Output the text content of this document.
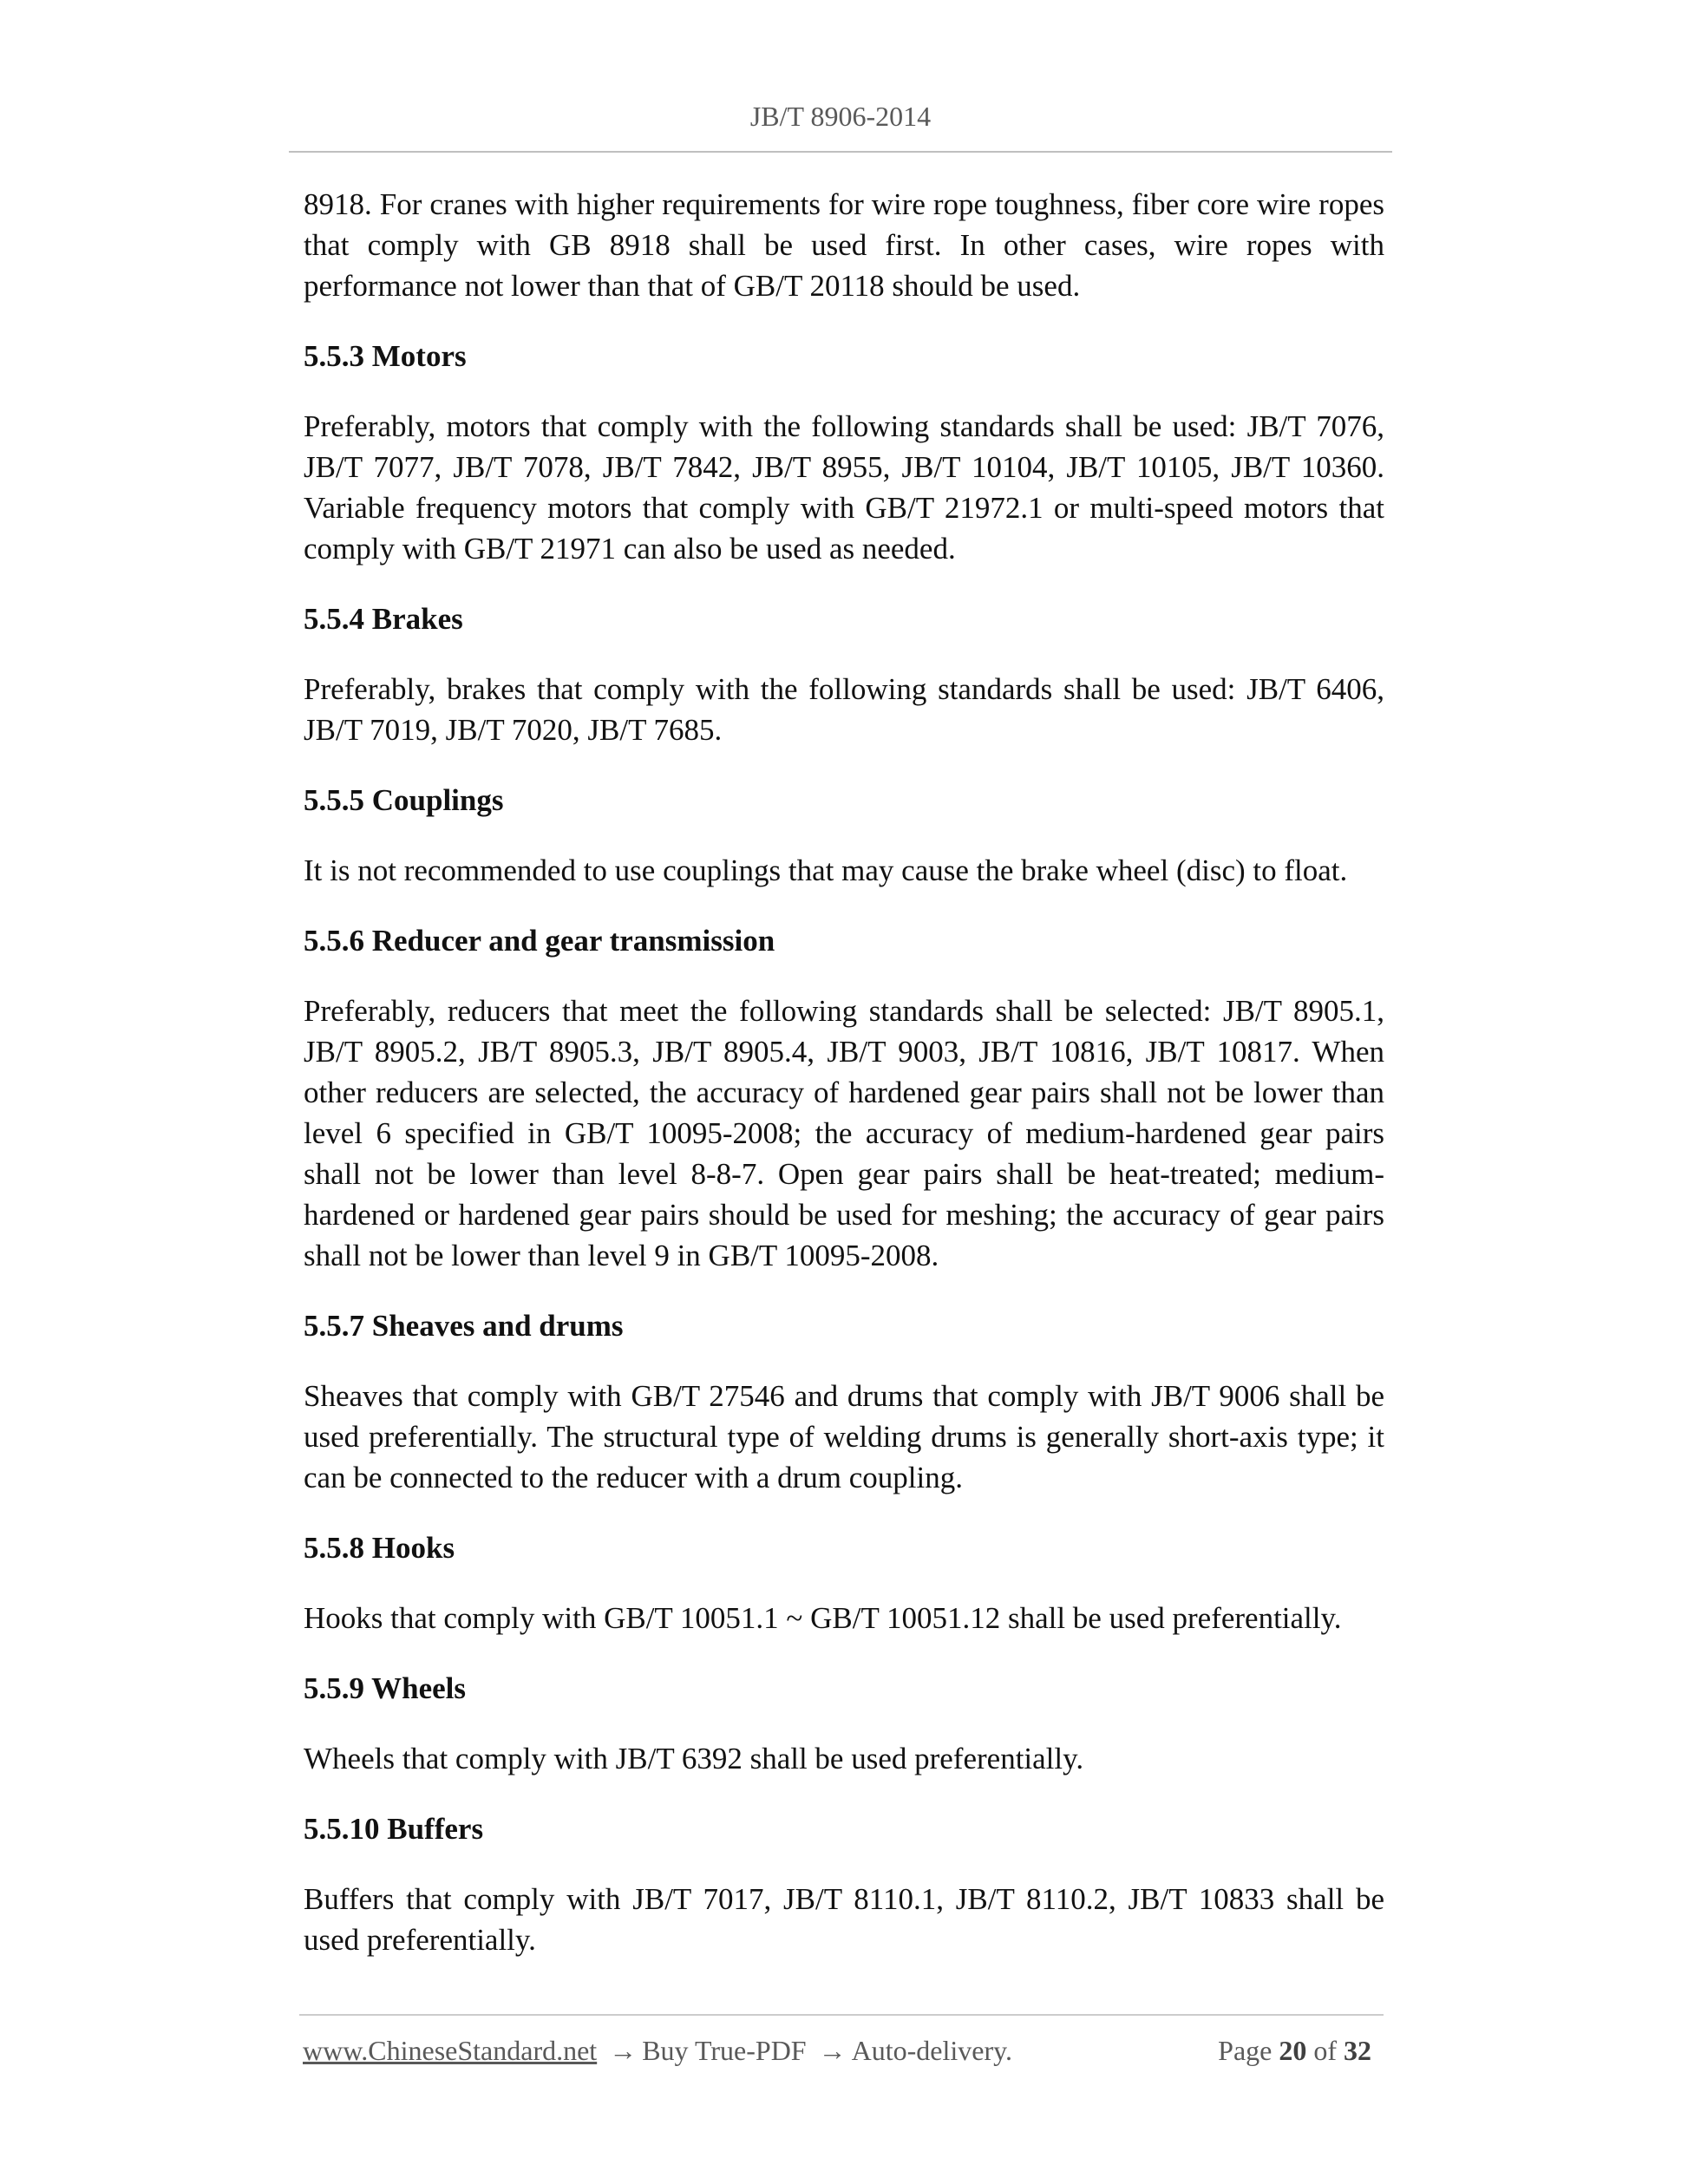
JB/T 8906-2014

8918. For cranes with higher requirements for wire rope toughness, fiber core wire ropes that comply with GB 8918 shall be used first. In other cases, wire ropes with performance not lower than that of GB/T 20118 should be used.

5.5.3 Motors

Preferably, motors that comply with the following standards shall be used: JB/T 7076, JB/T 7077, JB/T 7078, JB/T 7842, JB/T 8955, JB/T 10104, JB/T 10105, JB/T 10360. Variable frequency motors that comply with GB/T 21972.1 or multi-speed motors that comply with GB/T 21971 can also be used as needed.

5.5.4 Brakes

Preferably, brakes that comply with the following standards shall be used: JB/T 6406, JB/T 7019, JB/T 7020, JB/T 7685.

5.5.5 Couplings

It is not recommended to use couplings that may cause the brake wheel (disc) to float.

5.5.6 Reducer and gear transmission

Preferably, reducers that meet the following standards shall be selected: JB/T 8905.1, JB/T 8905.2, JB/T 8905.3, JB/T 8905.4, JB/T 9003, JB/T 10816, JB/T 10817. When other reducers are selected, the accuracy of hardened gear pairs shall not be lower than level 6 specified in GB/T 10095-2008; the accuracy of medium-hardened gear pairs shall not be lower than level 8-8-7. Open gear pairs shall be heat-treated; medium-hardened or hardened gear pairs should be used for meshing; the accuracy of gear pairs shall not be lower than level 9 in GB/T 10095-2008.

5.5.7 Sheaves and drums

Sheaves that comply with GB/T 27546 and drums that comply with JB/T 9006 shall be used preferentially. The structural type of welding drums is generally short-axis type; it can be connected to the reducer with a drum coupling.

5.5.8 Hooks

Hooks that comply with GB/T 10051.1 ~ GB/T 10051.12 shall be used preferentially.

5.5.9 Wheels

Wheels that comply with JB/T 6392 shall be used preferentially.

5.5.10 Buffers

Buffers that comply with JB/T 7017, JB/T 8110.1, JB/T 8110.2, JB/T 10833 shall be used preferentially.

www.ChineseStandard.net → Buy True-PDF → Auto-delivery.	Page 20 of 32
